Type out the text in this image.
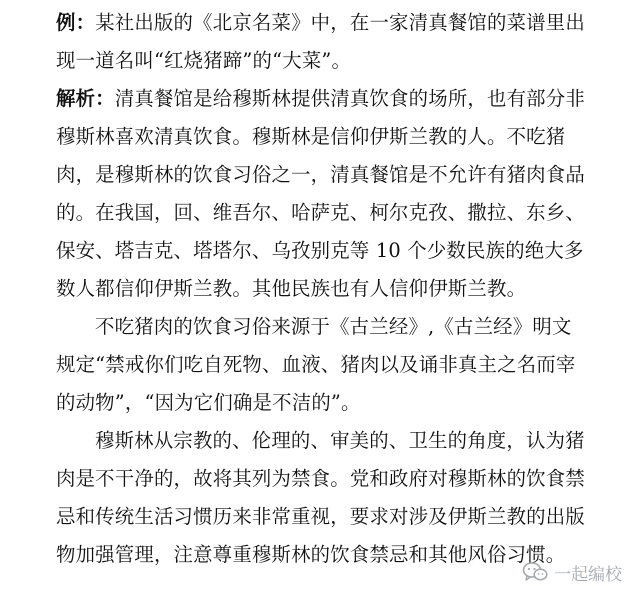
例：某社出版的《北京名菜》中，在一家清真餐馆的菜谱里出现一道名叫“红烧猪蹄”的“大菜”。

解析：清真餐馆是给穆斯林提供清真饮食的场所，也有部分非穆斯林喜欢清真饮食。穆斯林是信仰伊斯兰教的人。不吃猪肉，是穆斯林的饮食习俗之一，清真餐馆是不允许有猪肉食品的。在我国，回、维吾尔、哈萨克、柯尔克孜、撒拉、东乡、保安、塔吉克、塔塔尔、乌孜别克等 10 个少数民族的绝大多数人都信仰伊斯兰教。其他民族也有人信仰伊斯兰教。

不吃猪肉的饮食习俗来源于《古兰经》,《古兰经》明文规定“禁戒你们吃自死物、血液、猪肉以及诵非真主之名而宰的动物”，“因为它们确是不洁的”。

穆斯林从宗教的、伦理的、审美的、卫生的角度，认为猪肉是不干净的，故将其列为禁食。党和政府对穆斯林的饮食禁忌和传统生活习惯历来非常重视，要求对涉及伊斯兰教的出版物加强管理，注意尊重穆斯林的饮食禁忌和其他风俗习惯。

一起编校
